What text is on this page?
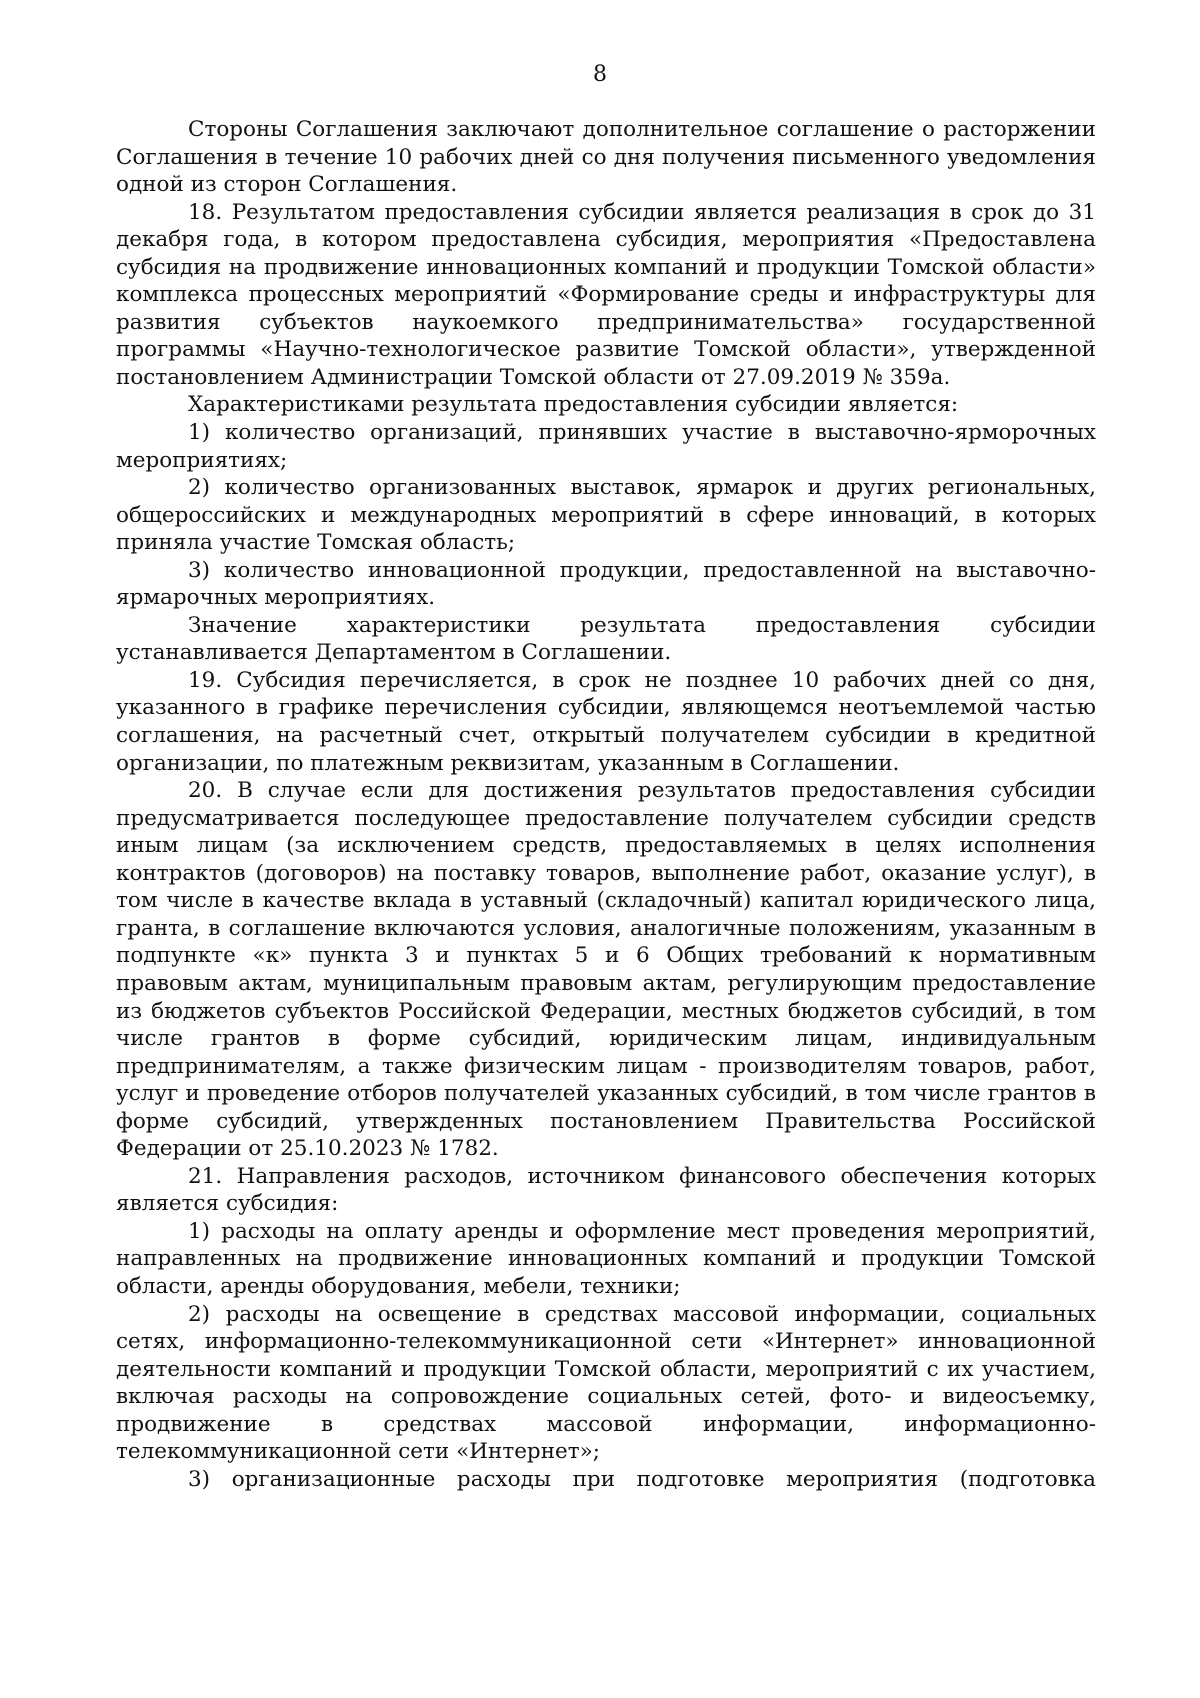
8

Стороны Соглашения заключают дополнительное соглашение о расторжении Соглашения в течение 10 рабочих дней со дня получения письменного уведомления одной из сторон Соглашения.

18. Результатом предоставления субсидии является реализация в срок до 31 декабря года, в котором предоставлена субсидия, мероприятия «Предоставлена субсидия на продвижение инновационных компаний и продукции Томской области» комплекса процессных мероприятий «Формирование среды и инфраструктуры для развития субъектов наукоемкого предпринимательства» государственной программы «Научно-технологическое развитие Томской области», утвержденной постановлением Администрации Томской области от 27.09.2019 № 359а.

Характеристиками результата предоставления субсидии является:

1) количество организаций, принявших участие в выставочно-ярморочных мероприятиях;

2) количество организованных выставок, ярмарок и других региональных, общероссийских и международных мероприятий в сфере инноваций, в которых приняла участие Томская область;

3) количество инновационной продукции, предоставленной на выставочно-ярмарочных мероприятиях.

Значение характеристики результата предоставления субсидии устанавливается Департаментом в Соглашении.

19. Субсидия перечисляется, в срок не позднее 10 рабочих дней со дня, указанного в графике перечисления субсидии, являющемся неотъемлемой частью соглашения, на расчетный счет, открытый получателем субсидии в кредитной организации, по платежным реквизитам, указанным в Соглашении.

20. В случае если для достижения результатов предоставления субсидии предусматривается последующее предоставление получателем субсидии средств иным лицам (за исключением средств, предоставляемых в целях исполнения контрактов (договоров) на поставку товаров, выполнение работ, оказание услуг), в том числе в качестве вклада в уставный (складочный) капитал юридического лица, гранта, в соглашение включаются условия, аналогичные положениям, указанным в подпункте «к» пункта 3 и пунктах 5 и 6 Общих требований к нормативным правовым актам, муниципальным правовым актам, регулирующим предоставление из бюджетов субъектов Российской Федерации, местных бюджетов субсидий, в том числе грантов в форме субсидий, юридическим лицам, индивидуальным предпринимателям, а также физическим лицам - производителям товаров, работ, услуг и проведение отборов получателей указанных субсидий, в том числе грантов в форме субсидий, утвержденных постановлением Правительства Российской Федерации от 25.10.2023 № 1782.

21. Направления расходов, источником финансового обеспечения которых является субсидия:

1) расходы на оплату аренды и оформление мест проведения мероприятий, направленных на продвижение инновационных компаний и продукции Томской области, аренды оборудования, мебели, техники;

2) расходы на освещение в средствах массовой информации, социальных сетях, информационно-телекоммуникационной сети «Интернет» инновационной деятельности компаний и продукции Томской области, мероприятий с их участием, включая расходы на сопровождение социальных сетей, фото- и видеосъемку, продвижение в средствах массовой информации, информационно-телекоммуникационной сети «Интернет»;

3) организационные расходы при подготовке мероприятия (подготовка
